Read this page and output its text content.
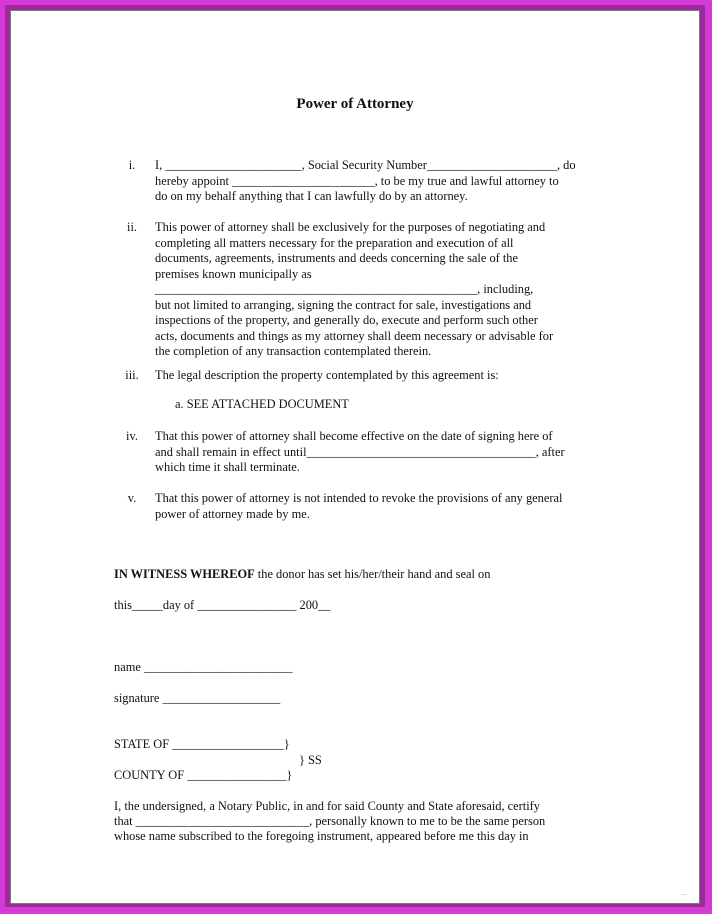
Power of Attorney
i.	I, ______________________, Social Security Number_____________________, do

hereby appoint _______________________, to be my true and lawful attorney to

do on my behalf anything that I can lawfully do by an attorney.

ii.	This power of attorney shall be exclusively for the purposes of negotiating and

completing all matters necessary for the preparation and execution of all

documents, agreements, instruments and deeds concerning the sale of the

premises known municipally as

____________________________________________________, including,

but not limited to arranging, signing the contract for sale, investigations and

inspections of the property, and generally do, execute and perform such other

acts, documents and things as my attorney shall deem necessary or advisable for

the completion of any transaction contemplated therein.

iii.	The legal description the property contemplated by this agreement is:

a. SEE ATTACHED DOCUMENT
iv.	That this power of attorney shall become effective on the date of signing here of

and shall remain in effect until_____________________________________, after

which time it shall terminate.

v.	That this power of attorney is not intended to revoke the provisions of any general

power of attorney made by me.

IN WITNESS WHEREOF the donor has set his/her/their hand and seal on
this_____day of ________________ 200__
name ________________________
signature ___________________
STATE OF __________________}
} SS
COUNTY OF ________________}
I, the undersigned, a Notary Public, in and for said County and State aforesaid, certify
that ____________________________, personally known to me to be the same person
whose name subscribed to the foregoing instrument, appeared before me this day in
...
